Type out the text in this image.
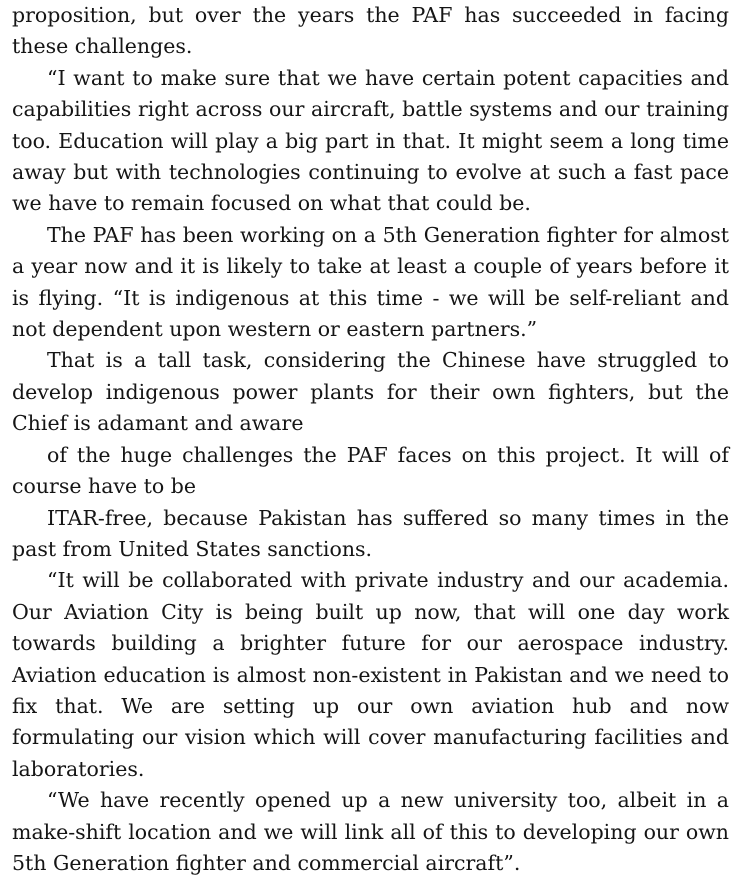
proposition, but over the years the PAF has succeeded in facing these challenges.

“I want to make sure that we have certain potent capacities and capabilities right across our aircraft, battle systems and our training too. Education will play a big part in that. It might seem a long time away but with technologies continuing to evolve at such a fast pace we have to remain focused on what that could be.

The PAF has been working on a 5th Generation fighter for almost a year now and it is likely to take at least a couple of years before it is flying. “It is indigenous at this time - we will be self-reliant and not dependent upon western or eastern partners.”

That is a tall task, considering the Chinese have struggled to develop indigenous power plants for their own fighters, but the Chief is adamant and aware

of the huge challenges the PAF faces on this project. It will of course have to be

ITAR-free, because Pakistan has suffered so many times in the past from United States sanctions.

“It will be collaborated with private industry and our academia. Our Aviation City is being built up now, that will one day work towards building a brighter future for our aerospace industry. Aviation education is almost non-existent in Pakistan and we need to fix that. We are setting up our own aviation hub and now formulating our vision which will cover manufacturing facilities and laboratories.

“We have recently opened up a new university too, albeit in a make-shift location and we will link all of this to developing our own 5th Generation fighter and commercial aircraft”.
